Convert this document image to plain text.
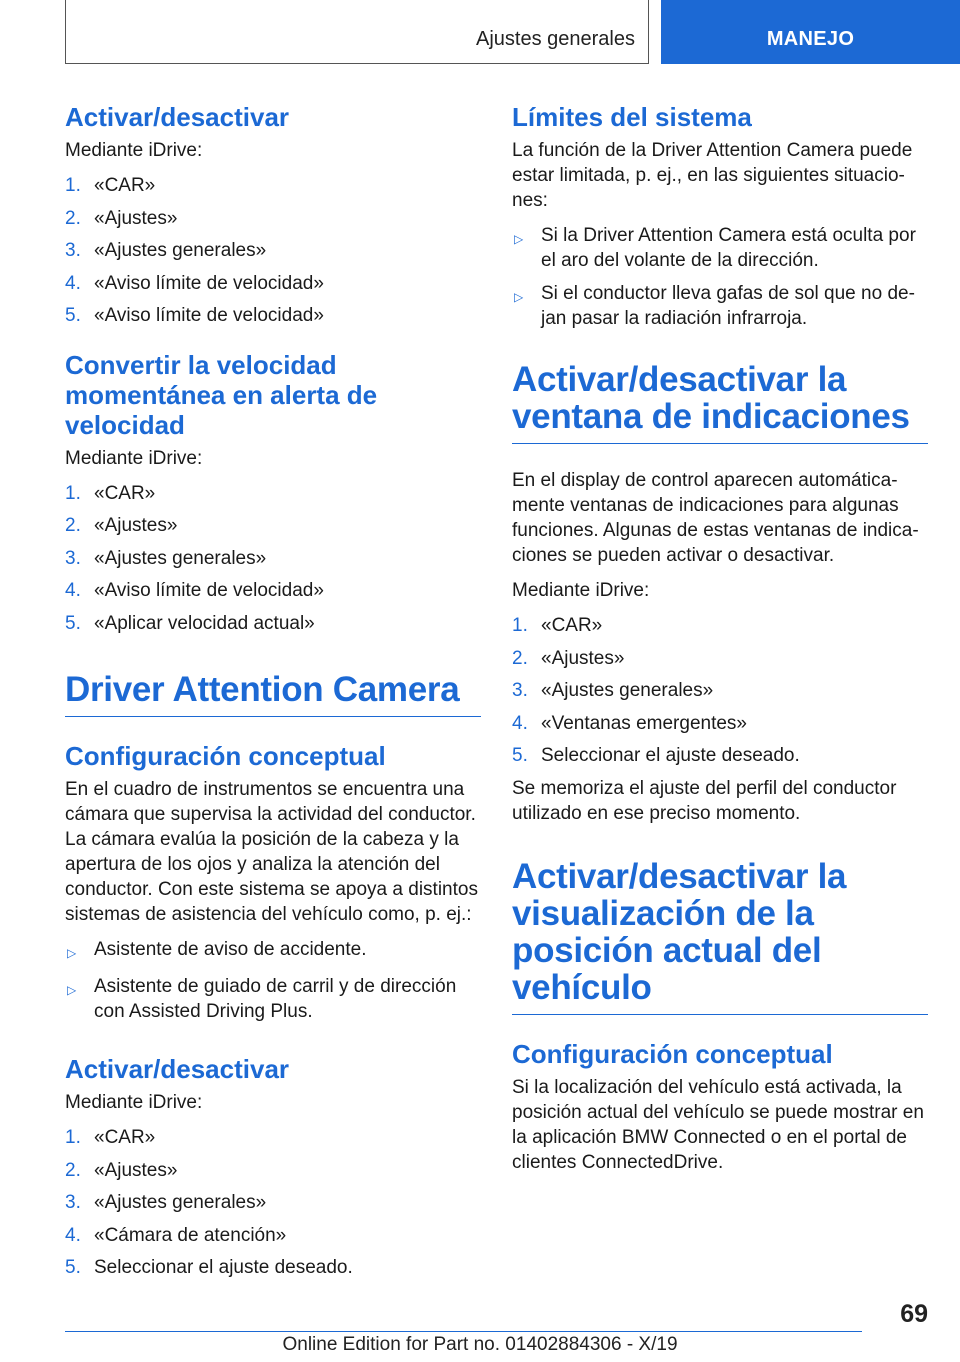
Ajustes generales	MANEJO
Activar/desactivar

Mediante iDrive:

1. «CAR»
2. «Ajustes»
3. «Ajustes generales»
4. «Aviso límite de velocidad»
5. «Aviso límite de velocidad»
Convertir la velocidad momentánea en alerta de velocidad

Mediante iDrive:

1. «CAR»
2. «Ajustes»
3. «Ajustes generales»
4. «Aviso límite de velocidad»
5. «Aplicar velocidad actual»
Driver Attention Camera
Configuración conceptual

En el cuadro de instrumentos se encuentra una cámara que supervisa la actividad del conductor. La cámara evalúa la posición de la cabeza y la apertura de los ojos y analiza la atención del conductor. Con este sistema se apoya a distintos sistemas de asistencia del vehículo como, p. ej.:

▷ Asistente de aviso de accidente.
▷ Asistente de guiado de carril y de dirección con Assisted Driving Plus.
Activar/desactivar

Mediante iDrive:

1. «CAR»
2. «Ajustes»
3. «Ajustes generales»
4. «Cámara de atención»
5. Seleccionar el ajuste deseado.
Límites del sistema

La función de la Driver Attention Camera puede estar limitada, p. ej., en las siguientes situaciones:

▷ Si la Driver Attention Camera está oculta por el aro del volante de la dirección.
▷ Si el conductor lleva gafas de sol que no dejan pasar la radiación infrarroja.
Activar/desactivar la ventana de indicaciones

En el display de control aparecen automáticamente ventanas de indicaciones para algunas funciones. Algunas de estas ventanas de indicaciones se pueden activar o desactivar.

Mediante iDrive:

1. «CAR»
2. «Ajustes»
3. «Ajustes generales»
4. «Ventanas emergentes»
5. Seleccionar el ajuste deseado.

Se memoriza el ajuste del perfil del conductor utilizado en ese preciso momento.

Activar/desactivar la visualización de la posición actual del vehículo
Configuración conceptual

Si la localización del vehículo está activada, la posición actual del vehículo se puede mostrar en la aplicación BMW Connected o en el portal de clientes ConnectedDrive.

69
Online Edition for Part no. 01402884306 - X/19
